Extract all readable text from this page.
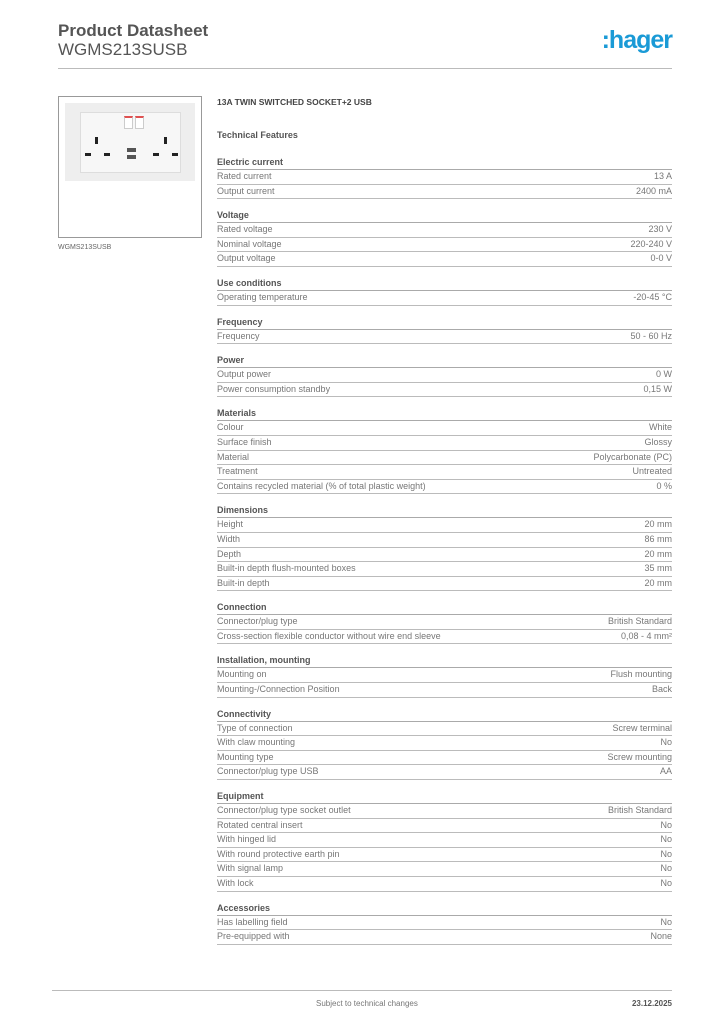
Product Datasheet
WGMS213SUSB	:hager
WGMS213SUSB
13A TWIN SWITCHED SOCKET+2 USB
Technical Features
Electric current
Rated current	13 A
Output current	2400 mA
Voltage
Rated voltage	230 V
Nominal voltage	220-240 V
Output voltage	0-0 V
Use conditions
Operating temperature	-20-45 °C
Frequency
Frequency	50 - 60 Hz
Power
Output power	0 W
Power consumption standby	0,15 W
Materials
Colour	White
Surface finish	Glossy
Material	Polycarbonate (PC)
Treatment	Untreated
Contains recycled material (% of total plastic weight)	0 %
Dimensions
Height	20 mm
Width	86 mm
Depth	20 mm
Built-in depth flush-mounted boxes	35 mm
Built-in depth	20 mm
Connection
Connector/plug type	British Standard
Cross-section flexible conductor without wire end sleeve	0,08 - 4 mm²
Installation, mounting
Mounting on	Flush mounting
Mounting-/Connection Position	Back
Connectivity
Type of connection	Screw terminal
With claw mounting	No
Mounting type	Screw mounting
Connector/plug type USB	AA
Equipment
Connector/plug type socket outlet	British Standard
Rotated central insert	No
With hinged lid	No
With round protective earth pin	No
With signal lamp	No
With lock	No
Accessories
Has labelling field	No
Pre-equipped with	None
Subject to technical changes	23.12.2025
